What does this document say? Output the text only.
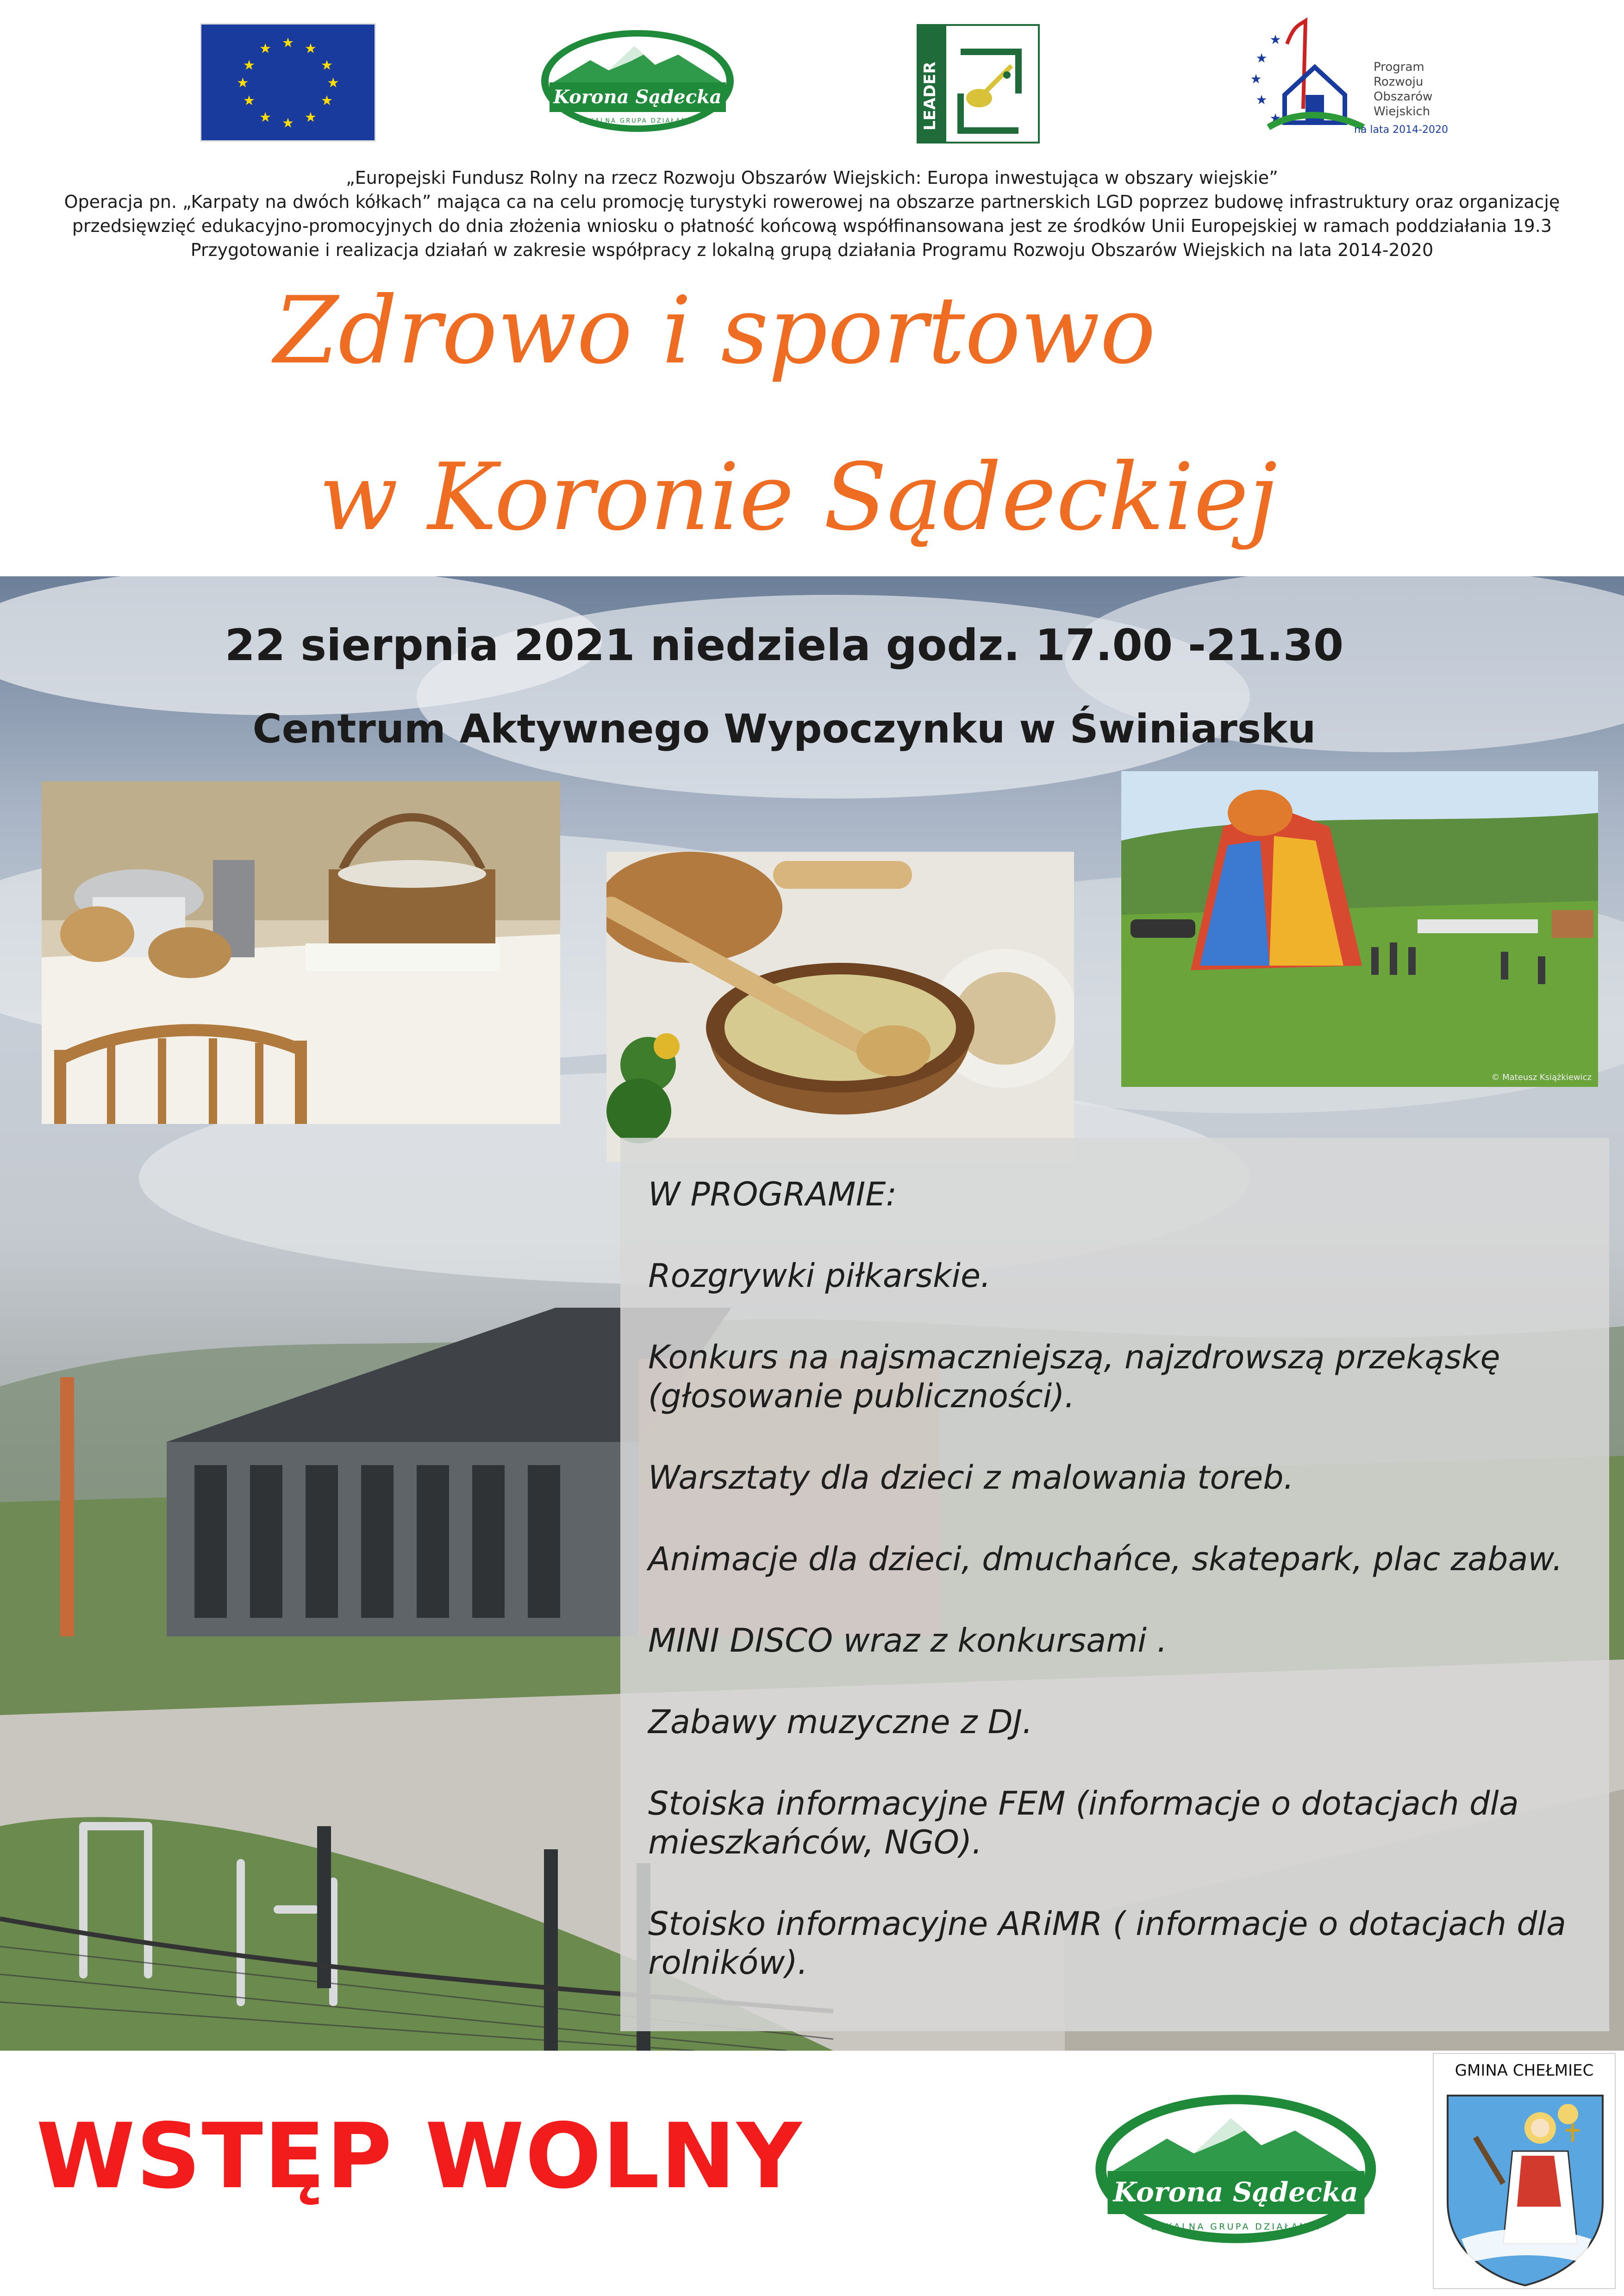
★ ★
★
★
★
★
★
★
★
★
★
★
Korona Sądecka
LOKALNA GRUPA DZIAŁANIA	LEADER
★
★
★
★
★
Program
Rozwoju
Obszarów
Wiejskich
na lata 2014-2020
„Europejski Fundusz Rolny na rzecz Rozwoju Obszarów Wiejskich: Europa inwestująca w obszary wiejskie”
Operacja pn. „Karpaty na dwóch kółkach” mająca ca na celu promocję turystyki rowerowej na obszarze partnerskich LGD poprzez budowę infrastruktury oraz organizację
przedsięwzięć edukacyjno-promocyjnych do dnia złożenia wniosku o płatność końcową współfinansowana jest ze środków Unii Europejskiej w ramach poddziałania 19.3
Przygotowanie i realizacja działań w zakresie współpracy z lokalną grupą działania Programu Rozwoju Obszarów Wiejskich na lata 2014-2020
Zdrowo i sportowo
w Koronie Sądeckiej
22 sierpnia 2021 niedziela godz. 17.00 -21.30
Centrum Aktywnego Wypoczynku w Świniarsku
© Mateusz Książkiewicz

W PROGRAMIE:

Rozgrywki piłkarskie.

Konkurs na najsmaczniejszą, najzdrowszą przekąskę (głosowanie publiczności).

Warsztaty dla dzieci z malowania toreb.

Animacje dla dzieci, dmuchańce, skatepark, plac zabaw.

MINI DISCO wraz z konkursami .

Zabawy muzyczne z DJ.

Stoiska informacyjne FEM (informacje o dotacjach dla mieszkańców, NGO).

Stoisko informacyjne ARiMR ( informacje o dotacjach dla rolników).

WSTĘP WOLNY	Korona Sądecka
LOKALNA GRUPA DZIAŁANIA
GMINA CHEŁMIEC
